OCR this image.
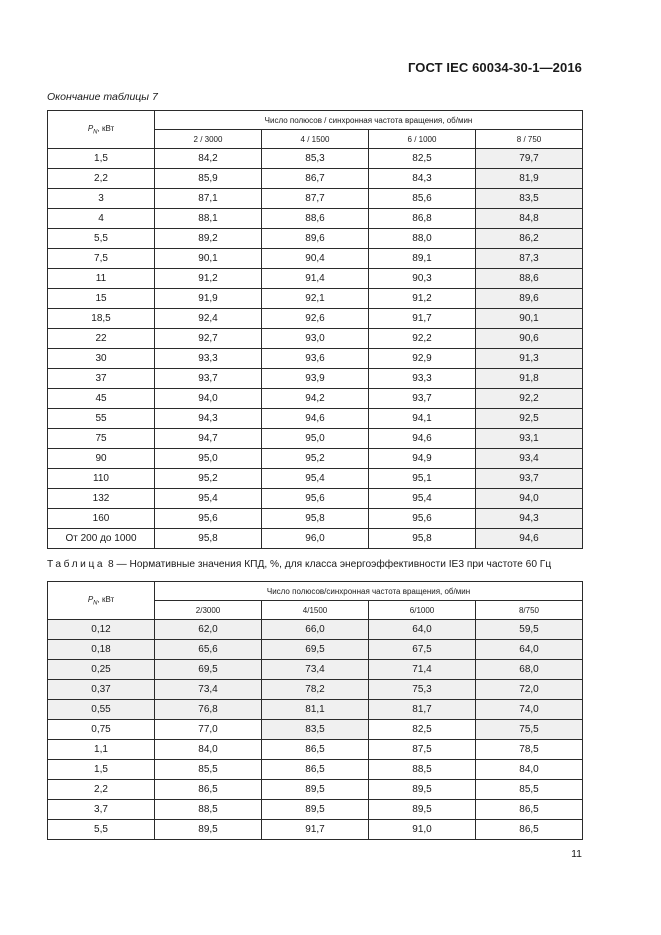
ГОСТ IEC 60034-30-1—2016
Окончание таблицы 7
$P_N$, кВт	Число полюсов / синхронная частота вращения, об/мин			
	2 / 3000	4 / 1500	6 / 1000	8 / 750
1,5	84,2	85,3	82,5	79,7
2,2	85,9	86,7	84,3	81,9
3	87,1	87,7	85,6	83,5
4	88,1	88,6	86,8	84,8
5,5	89,2	89,6	88,0	86,2
7,5	90,1	90,4	89,1	87,3
11	91,2	91,4	90,3	88,6
15	91,9	92,1	91,2	89,6
18,5	92,4	92,6	91,7	90,1
22	92,7	93,0	92,2	90,6
30	93,3	93,6	92,9	91,3
37	93,7	93,9	93,3	91,8
45	94,0	94,2	93,7	92,2
55	94,3	94,6	94,1	92,5
75	94,7	95,0	94,6	93,1
90	95,0	95,2	94,9	93,4
110	95,2	95,4	95,1	93,7
132	95,4	95,6	95,4	94,0
160	95,6	95,8	95,6	94,3
От 200 до 1000	95,8	96,0	95,8	94,6
Таблица 8 — Нормативные значения КПД, %, для класса энергоэффективности IE3 при частоте 60 Гц
$P_N$, кВт	Число полюсов/синхронная частота вращения, об/мин			
	2/3000	4/1500	6/1000	8/750
0,12	62,0	66,0	64,0	59,5
0,18	65,6	69,5	67,5	64,0
0,25	69,5	73,4	71,4	68,0
0,37	73,4	78,2	75,3	72,0
0,55	76,8	81,1	81,7	74,0
0,75	77,0	83,5	82,5	75,5
1,1	84,0	86,5	87,5	78,5
1,5	85,5	86,5	88,5	84,0
2,2	86,5	89,5	89,5	85,5
3,7	88,5	89,5	89,5	86,5
5,5	89,5	91,7	91,0	86,5
11
